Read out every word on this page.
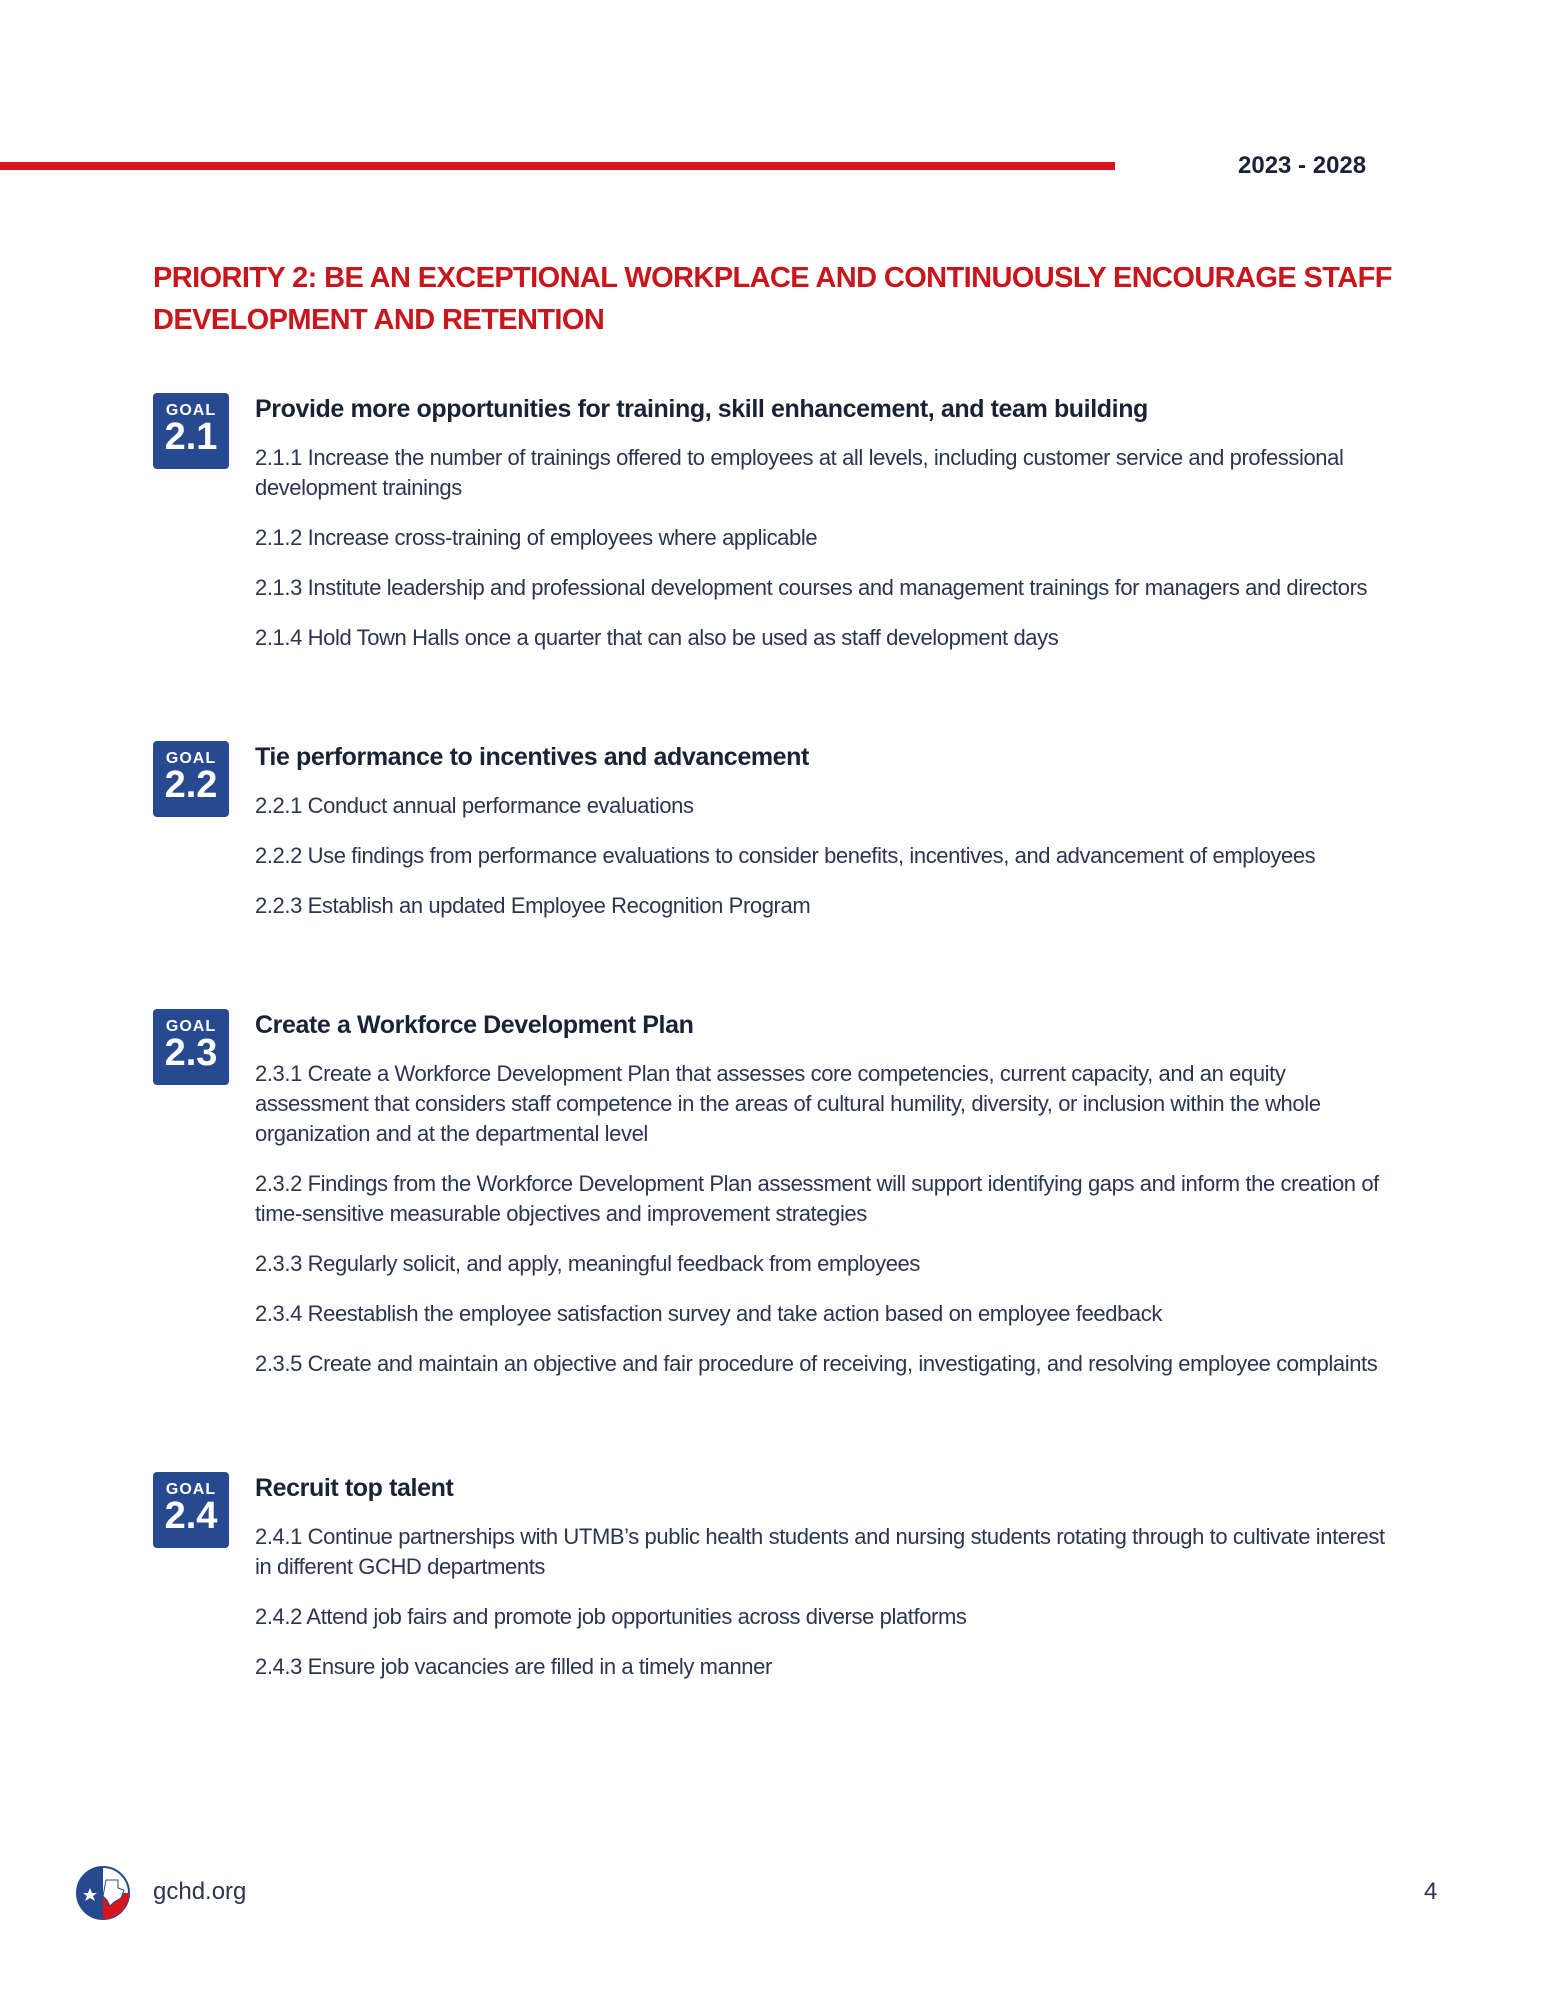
2023 - 2028
PRIORITY 2: BE AN EXCEPTIONAL WORKPLACE AND CONTINUOUSLY ENCOURAGE STAFF DEVELOPMENT AND RETENTION
GOAL
2.1

Provide more opportunities for training, skill enhancement, and team building

2.1.1 Increase the number of trainings offered to employees at all levels, including customer service and professional development trainings

2.1.2 Increase cross-training of employees where applicable

2.1.3 Institute leadership and professional development courses and management trainings for managers and directors

2.1.4 Hold Town Halls once a quarter that can also be used as staff development days

GOAL
2.2

Tie performance to incentives and advancement

2.2.1 Conduct annual performance evaluations

2.2.2 Use findings from performance evaluations to consider benefits, incentives, and advancement of employees

2.2.3 Establish an updated Employee Recognition Program

GOAL
2.3

Create a Workforce Development Plan

2.3.1 Create a Workforce Development Plan that assesses core competencies, current capacity, and an equity assessment that considers staff competence in the areas of cultural humility, diversity, or inclusion within the whole organization and at the departmental level

2.3.2 Findings from the Workforce Development Plan assessment will support identifying gaps and inform the creation of time-sensitive measurable objectives and improvement strategies

2.3.3 Regularly solicit, and apply, meaningful feedback from employees

2.3.4 Reestablish the employee satisfaction survey and take action based on employee feedback

2.3.5 Create and maintain an objective and fair procedure of receiving, investigating, and resolving employee complaints

GOAL
2.4

Recruit top talent

2.4.1 Continue partnerships with UTMB’s public health students and nursing students rotating through to cultivate interest in different GCHD departments

2.4.2 Attend job fairs and promote job opportunities across diverse platforms

2.4.3 Ensure job vacancies are filled in a timely manner

gchd.org	4
